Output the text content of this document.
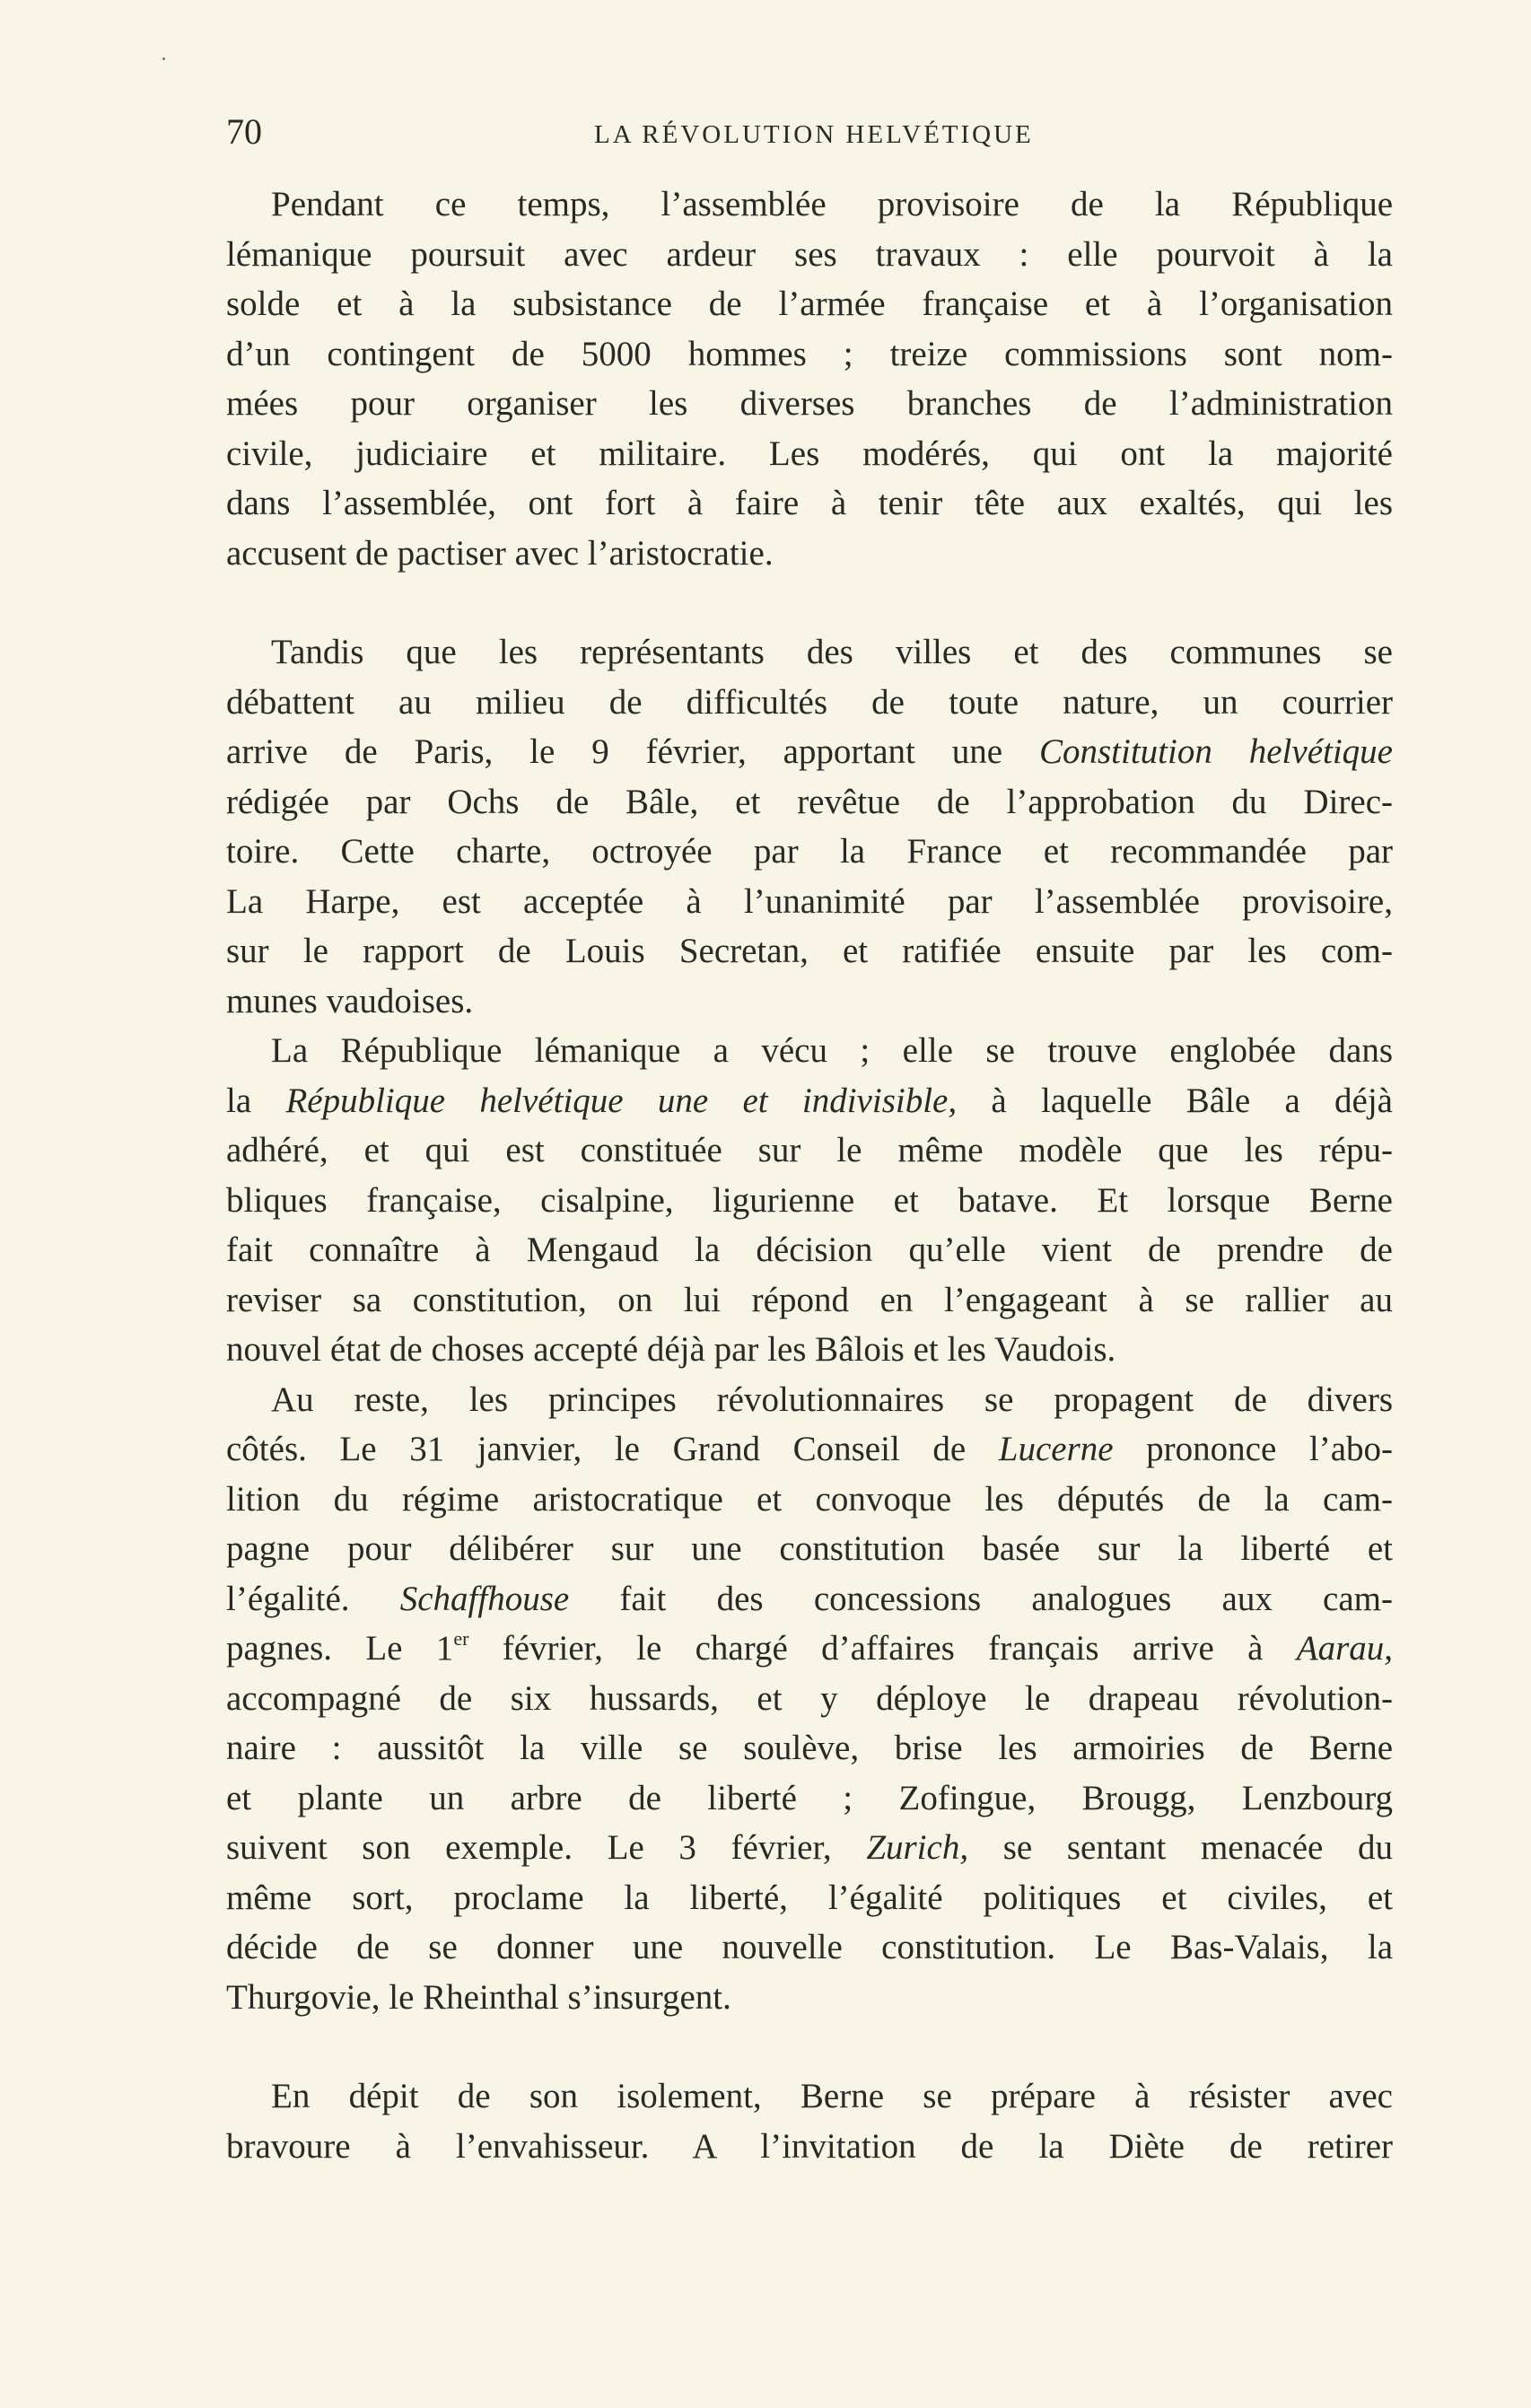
70	LA RÉVOLUTION HELVÉTIQUE
Pendant ce temps, l’assemblée provisoire de la République
lémanique poursuit avec ardeur ses travaux : elle pourvoit à la
solde et à la subsistance de l’armée française et à l’organisation
d’un contingent de 5000 hommes ; treize commissions sont nom-
mées pour organiser les diverses branches de l’administration
civile, judiciaire et militaire. Les modérés, qui ont la majorité
dans l’assemblée, ont fort à faire à tenir tête aux exaltés, qui les
accusent de pactiser avec l’aristocratie.
Tandis que les représentants des villes et des communes se
débattent au milieu de difficultés de toute nature, un courrier
arrive de Paris, le 9 février, apportant une Constitution helvétique
rédigée par Ochs de Bâle, et revêtue de l’approbation du Direc-
toire. Cette charte, octroyée par la France et recommandée par
La Harpe, est acceptée à l’unanimité par l’assemblée provisoire,
sur le rapport de Louis Secretan, et ratifiée ensuite par les com-
munes vaudoises.
La République lémanique a vécu ; elle se trouve englobée dans
la République helvétique une et indivisible, à laquelle Bâle a déjà
adhéré, et qui est constituée sur le même modèle que les répu-
bliques française, cisalpine, ligurienne et batave. Et lorsque Berne
fait connaître à Mengaud la décision qu’elle vient de prendre de
reviser sa constitution, on lui répond en l’engageant à se rallier au
nouvel état de choses accepté déjà par les Bâlois et les Vaudois.
Au reste, les principes révolutionnaires se propagent de divers
côtés. Le 31 janvier, le Grand Conseil de Lucerne prononce l’abo-
lition du régime aristocratique et convoque les députés de la cam-
pagne pour délibérer sur une constitution basée sur la liberté et
l’égalité. Schaffhouse fait des concessions analogues aux cam-
pagnes. Le 1er février, le chargé d’affaires français arrive à Aarau,
accompagné de six hussards, et y déploye le drapeau révolution-
naire : aussitôt la ville se soulève, brise les armoiries de Berne
et plante un arbre de liberté ; Zofingue, Brougg, Lenzbourg
suivent son exemple. Le 3 février, Zurich, se sentant menacée du
même sort, proclame la liberté, l’égalité politiques et civiles, et
décide de se donner une nouvelle constitution. Le Bas-Valais, la
Thurgovie, le Rheinthal s’insurgent.
En dépit de son isolement, Berne se prépare à résister avec
bravoure à l’envahisseur. A l’invitation de la Diète de retirer
